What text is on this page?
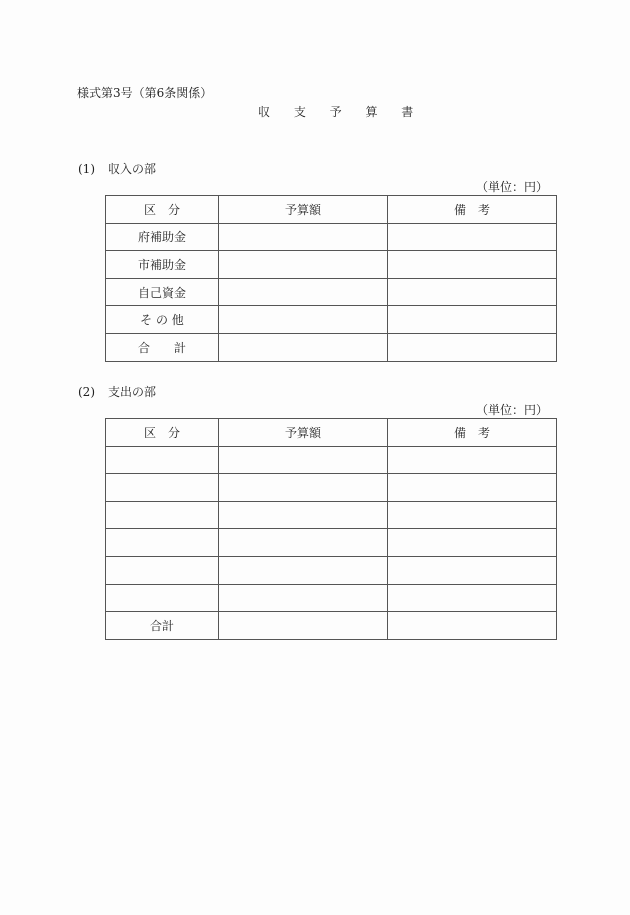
様式第3号（第6条関係）
収 支 予 算 書
(1) 収入の部
（単位：円）
区　分	予算額	備　考
府補助金		
市補助金		
自己資金		
そ の 他		
合　　計		
(2) 支出の部
（単位：円）
区　分	予算額	備　考

合計		
